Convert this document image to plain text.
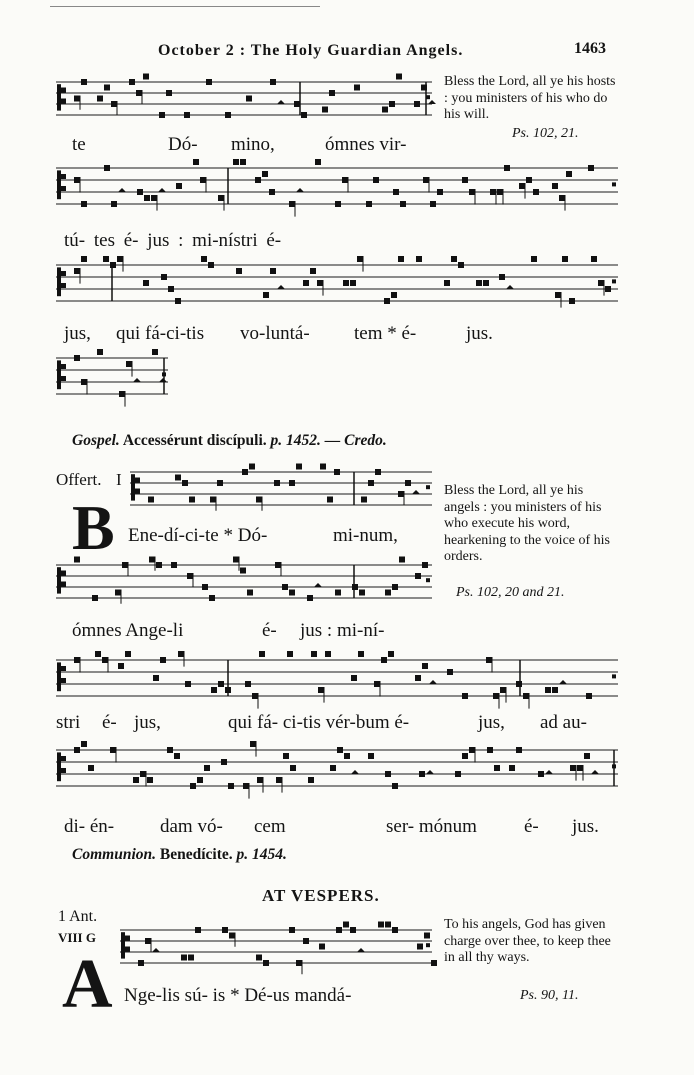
October 2 : The Holy Guardian Angels.	1463
Bless the Lord, all ye his hosts : you ministers of his who do his will.
Ps. 102, 21.
te	Dó- mino,	ómnes vir-
tú- tes é- jus : mi-nístri é-
jus, qui fá-ci-tis vo-luntá- tem * é-	jus.
Gospel. Accessérunt discípuli. p. 1452. — Credo.
Offert. I
B
Bless the Lord, all ye his angels : you ministers of his who execute his word, hearkening to the voice of his orders.
Ps. 102, 20 and 21.
Ene-dí-ci-te * Dó-	mi-num,
ómnes Ange-li	é- jus : mi-ní-
stri é- jus,	qui fá- ci-tis vér-bum é-	jus, ad au-
di- én- dam vó- cem	ser- mónum é- jus.
Communion. Benedícite. p. 1454.
AT VESPERS.
1 Ant.
VIII G
A
To his angels, God has given charge over thee, to keep thee in all thy ways.
Ps. 90, 11.
Nge-lis sú- is * Dé-us mandá-
